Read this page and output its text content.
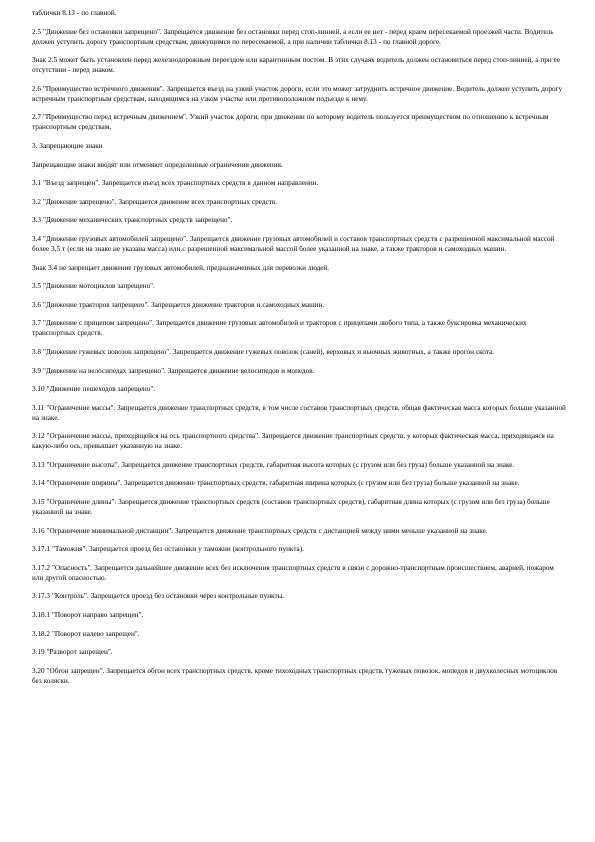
таблички 8.13 - по главной.

2.5 "Движение без остановки запрещено". Запрещается движение без остановки перед стоп-линией, а если ее нет - перед краем пересекаемой проезжей части. Водитель должен уступить дорогу транспортным средствам, движущимся по пересекаемой, а при наличии таблички 8.13 - по главной дороге.

Знак 2.5 может быть установлен перед железнодорожным переездом или карантинным постом. В этих случаях водитель должен остановиться перед стоп-линией, а при ее отсутствии - перед знаком.

2.6 "Преимущество встречного движения". Запрещается въезд на узкий участок дороги, если это может затруднить встречное движение. Водитель должен уступить дорогу встречным транспортным средствам, находящимся на узком участке или противоположном подъезде к нему.

2.7 "Преимущество перед встречным движением". Узкий участок дороги, при движении по которому водитель пользуется преимуществом по отношению к встречным транспортным средствам.

3. Запрещающие знаки

Запрещающие знаки вводят или отменяют определенные ограничения движения.

3.1 "Въезд запрещен". Запрещается въезд всех транспортных средств в данном направлении.

3.2 "Движение запрещено". Запрещается движение всех транспортных средств.

3.3 "Движение механических транспортных средств запрещено".

3.4 "Движение грузовых автомобилей запрещено". Запрещается движение грузовых автомобилей и составов транспортных средств с разрешенной максимальной массой более 3,5 т (если на знаке не указана масса) или с разрешенной максимальной массой более указанной на знаке, а также тракторов и самоходных машин.

Знак 3.4 не запрещает движение грузовых автомобилей, предназначенных для перевозки людей.

3.5 "Движение мотоциклов запрещено".

3.6 "Движение тракторов запрещено". Запрещается движение тракторов и самоходных машин.

3.7 "Движение с прицепом запрещено". Запрещается движение грузовых автомобилей и тракторов с прицепами любого типа, а также буксировка механических транспортных средств.

3.8 "Движение гужевых повозок запрещено". Запрещается движение гужевых повозок (саней), верховых и вьючных животных, а также прогон скота.

3.9 "Движение на велосипедах запрещено". Запрещается движение велосипедов и мопедов.

3.10 "Движение пешеходов запрещено".

3.11 "Ограничение массы". Запрещается движение транспортных средств, в том числе составов транспортных средств, общая фактическая масса которых больше указанной на знаке.

3.12 "Ограничение массы, приходящейся на ось транспортного средства". Запрещается движение транспортных средств, у которых фактическая масса, приходящаяся на какую-либо ось, превышает указанную на знаке.

3.13 "Ограничение высоты". Запрещается движение транспортных средств, габаритная высота которых (с грузом или без груза) больше указанной на знаке.

3.14 "Ограничение ширины". Запрещается движение транспортных средств, габаритная ширина которых (с грузом или без груза) больше указанной на знаке.

3.15 "Ограничение длины". Запрещается движение транспортных средств (составов транспортных средств), габаритная длина которых (с грузом или без груза) больше указанной на знаке.

3.16 "Ограничение минимальной дистанции". Запрещается движение транспортных средств с дистанцией между ними меньше указанной на знаке.

3.17.1 "Таможня". Запрещается проезд без остановки у таможни (контрольного пункта).

3.17.2 "Опасность". Запрещается дальнейшее движение всех без исключения транспортных средств в связи с дорожно-транспортным происшествием, аварией, пожаром или другой опасностью.

3.17.3 "Контроль". Запрещается проезд без остановки через контрольные пункты.

3.18.1 "Поворот направо запрещен".

3.18.2 "Поворот налево запрещен".

3.19 "Разворот запрещен".

3.20 "Обгон запрещен". Запрещается обгон всех транспортных средств, кроме тихоходных транспортных средств, гужевых повозок, мопедов и двухколесных мотоциклов без коляски.
